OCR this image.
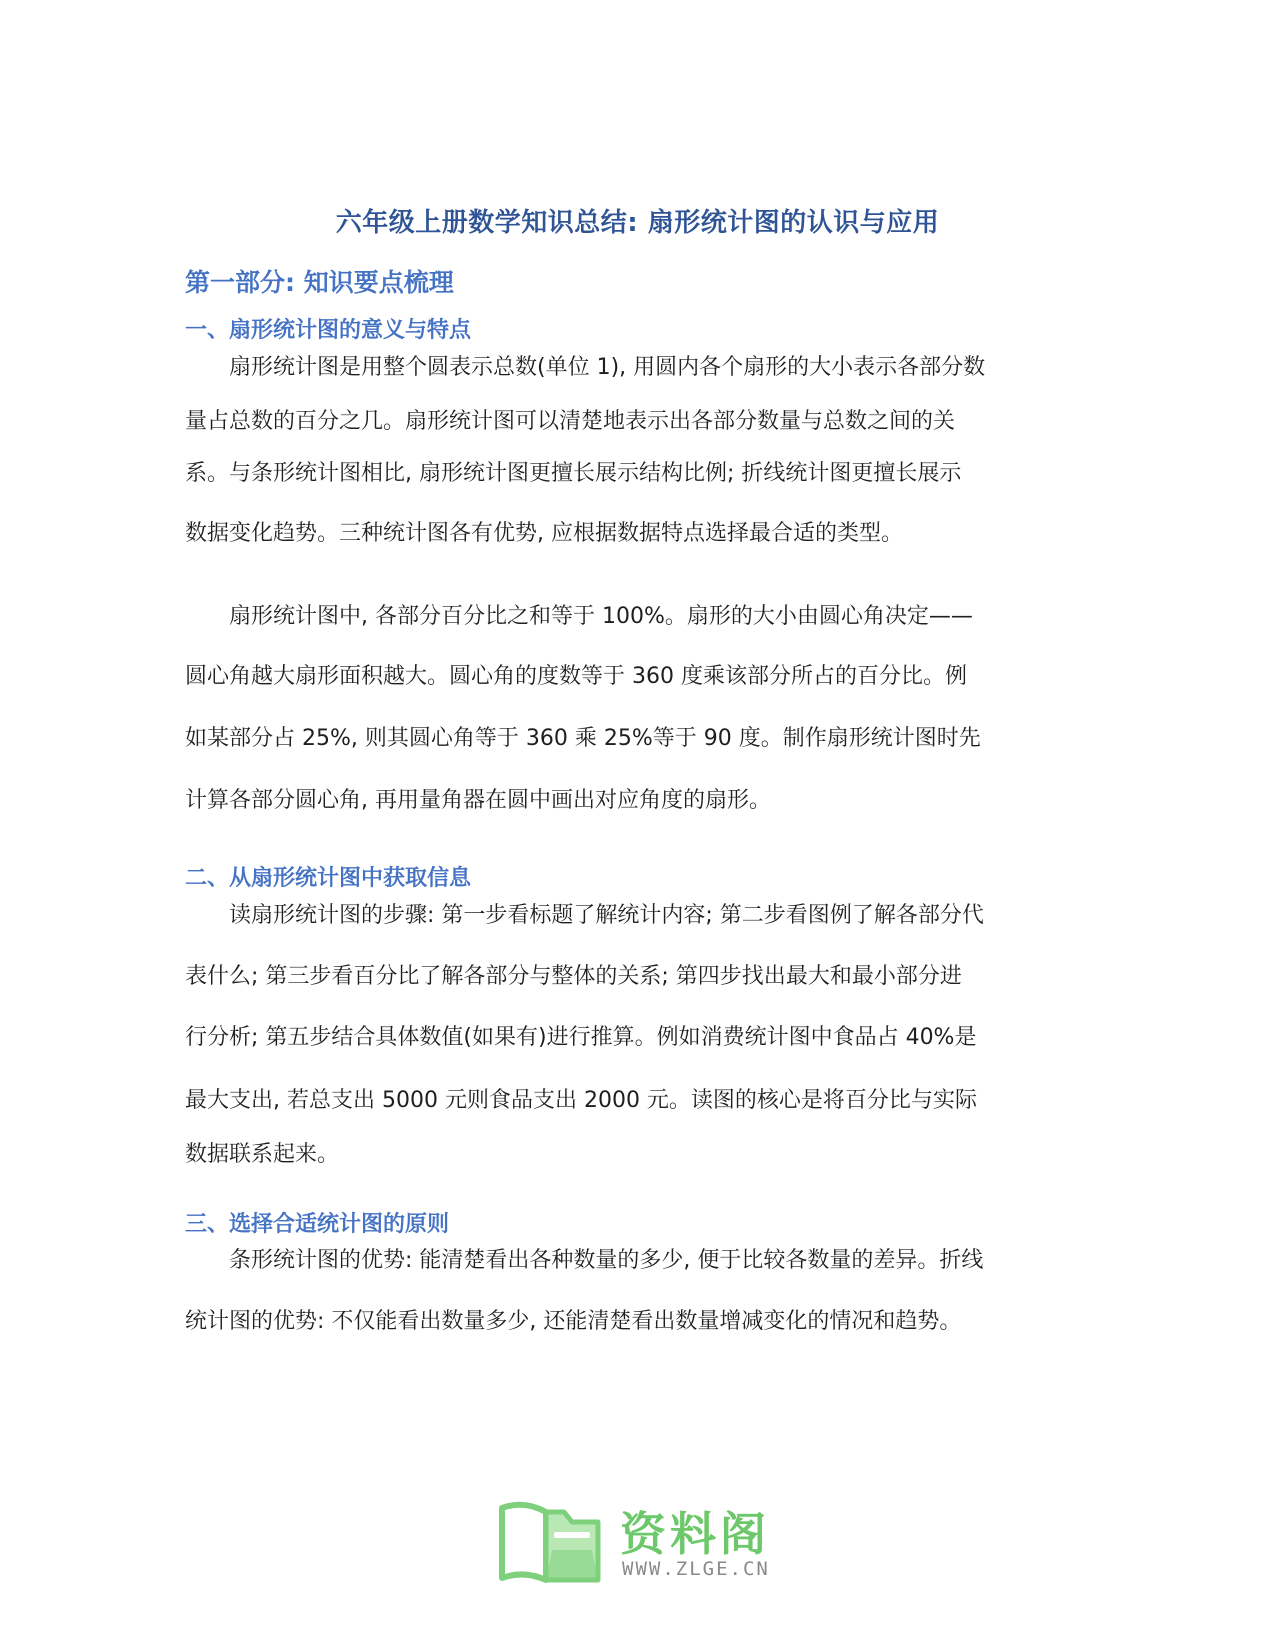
六年级上册数学知识总结: 扇形统计图的认识与应用
第一部分: 知识要点梳理
一、扇形统计图的意义与特点
扇形统计图是用整个圆表示总数(单位 1), 用圆内各个扇形的大小表示各部分数
量占总数的百分之几。扇形统计图可以清楚地表示出各部分数量与总数之间的关
系。与条形统计图相比, 扇形统计图更擅长展示结构比例; 折线统计图更擅长展示
数据变化趋势。三种统计图各有优势, 应根据数据特点选择最合适的类型。
扇形统计图中, 各部分百分比之和等于 100%。扇形的大小由圆心角决定——
圆心角越大扇形面积越大。圆心角的度数等于 360 度乘该部分所占的百分比。例
如某部分占 25%, 则其圆心角等于 360 乘 25%等于 90 度。制作扇形统计图时先
计算各部分圆心角, 再用量角器在圆中画出对应角度的扇形。
二、从扇形统计图中获取信息
读扇形统计图的步骤: 第一步看标题了解统计内容; 第二步看图例了解各部分代
表什么; 第三步看百分比了解各部分与整体的关系; 第四步找出最大和最小部分进
行分析; 第五步结合具体数值(如果有)进行推算。例如消费统计图中食品占 40%是
最大支出, 若总支出 5000 元则食品支出 2000 元。读图的核心是将百分比与实际
数据联系起来。
三、选择合适统计图的原则
条形统计图的优势: 能清楚看出各种数量的多少, 便于比较各数量的差异。折线
统计图的优势: 不仅能看出数量多少, 还能清楚看出数量增减变化的情况和趋势。
资料阁
WWW.ZLGE.CN
